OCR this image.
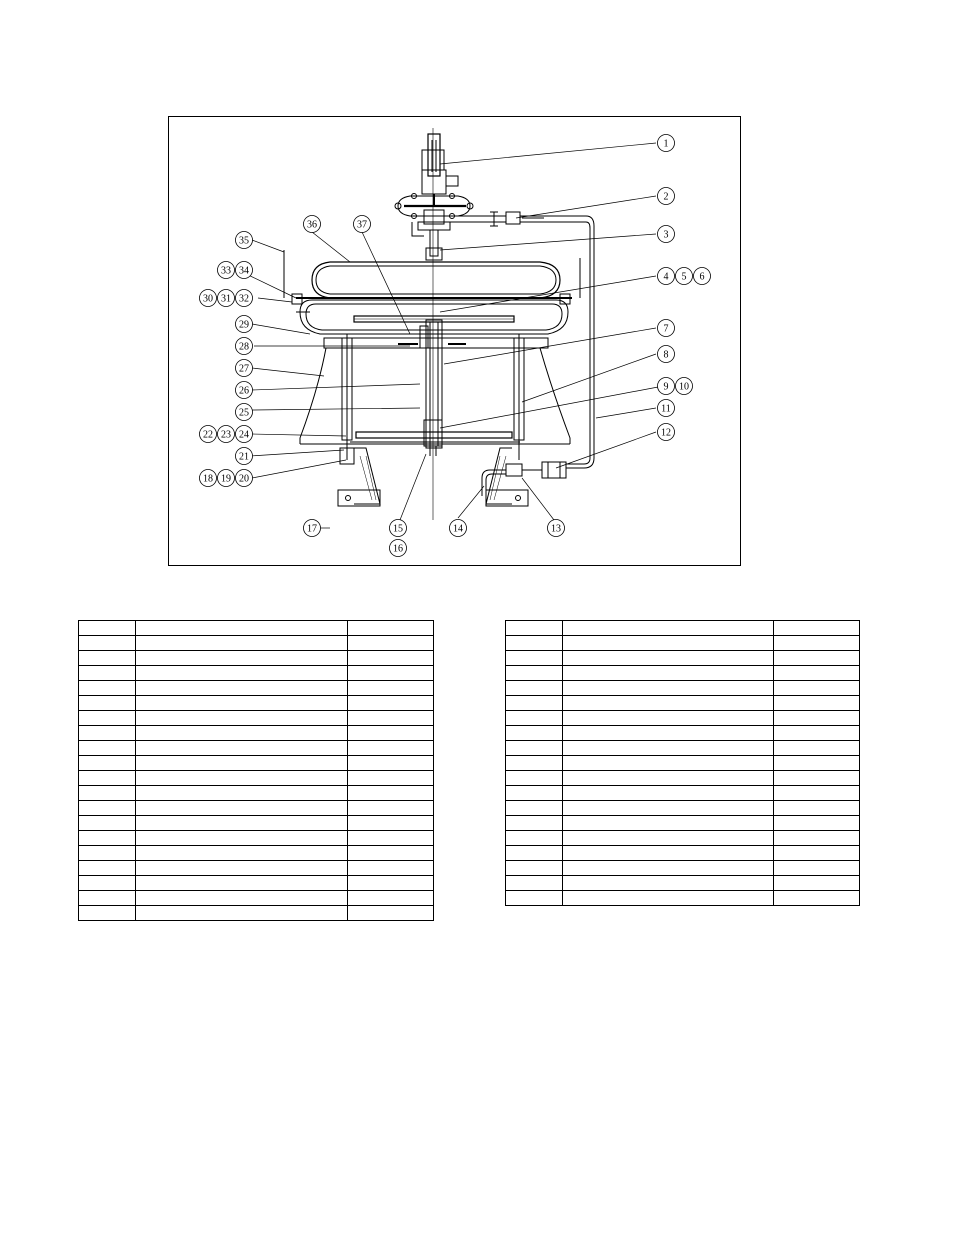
1
2
3
4 5 6
7
8
9 10
11
12
35
33 34
30 31 32
29
28
27
26
25
22 23 24
21
18 19 20
36	37
17	15
16
14	13
